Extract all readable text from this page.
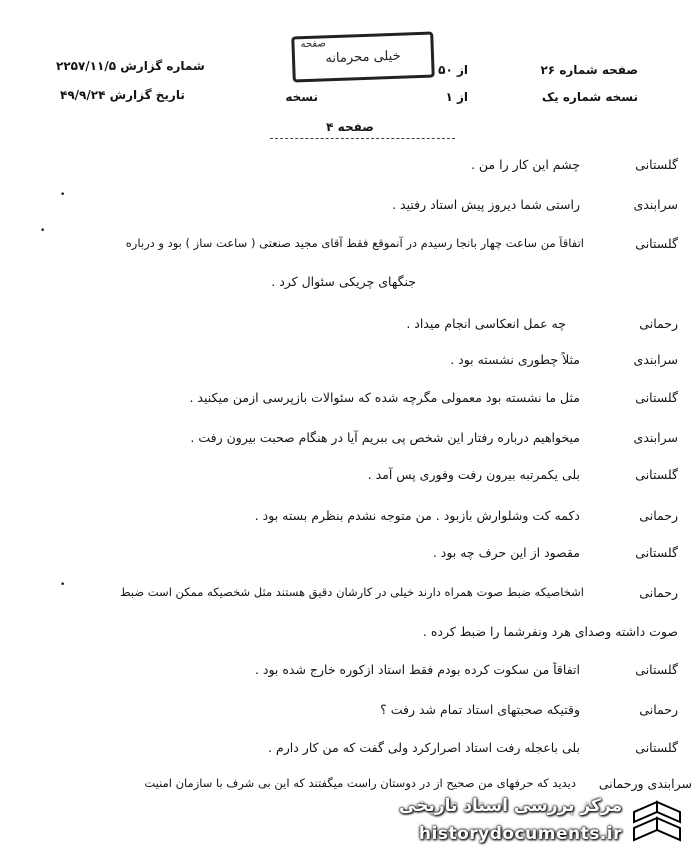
صفحه شماره ۲۶
از ۵۰
نسخه شماره یک
از ۱
نسخه
شماره گزارش ۲۲۵۷/۱۱/۵
تاریخ گزارش ۴۹/۹/۲۴
صفحه
خیلی محرمانه
صفحه ۴
گلستانی
چشم این کار را من .
سرابندی
راستی شما دیروز پیش استاد رفتید .
گلستانی
اتفاقاً من ساعت چهار بانجا رسیدم در آنموقع فقط آقای مجید صنعتی ( ساعت ساز ) بود و درباره
جنگهای چریکی سئوال کرد .
رحمانی
چه عمل انعکاسی انجام میداد .
سرابندی
مثلاً چطوری نشسته بود .
گلستانی
مثل ما نشسته بود معمولی مگرچه شده که سئوالات بازپرسی ازمن میکنید .
سرابندی
میخواهیم درباره رفتار این شخص پی ببریم آیا در هنگام صحبت بیرون رفت .
گلستانی
بلی یکمرتبه بیرون رفت وفوری پس آمد .
رحمانی
دکمه کت وشلوارش بازبود . من متوجه نشدم بنظرم بسته بود .
گلستانی
مقصود از این حرف چه بود .
رحمانی
اشخاصیکه ضبط صوت همراه دارند خیلی در کارشان دقیق هستند مثل شخصیکه ممکن است ضبط
صوت داشته وصدای هرد ونفرشما را ضبط کرده .
گلستانی
اتفاقاً من سکوت کرده بودم فقط استاد ازکوره خارج شده بود .
رحمانی
وقتیکه صحبتهای استاد تمام شد رفت ؟
گلستانی
بلی باعجله رفت استاد اصرارکرد ولی گفت که من کار دارم .
سرابندی ورحمانی
دیدید که حرفهای من صحیح از در دوستان راست میگفتند که این بی شرف با سازمان امنیت
•
•
•
مرکز بررسی اسناد تاریخی
historydocuments.ir
